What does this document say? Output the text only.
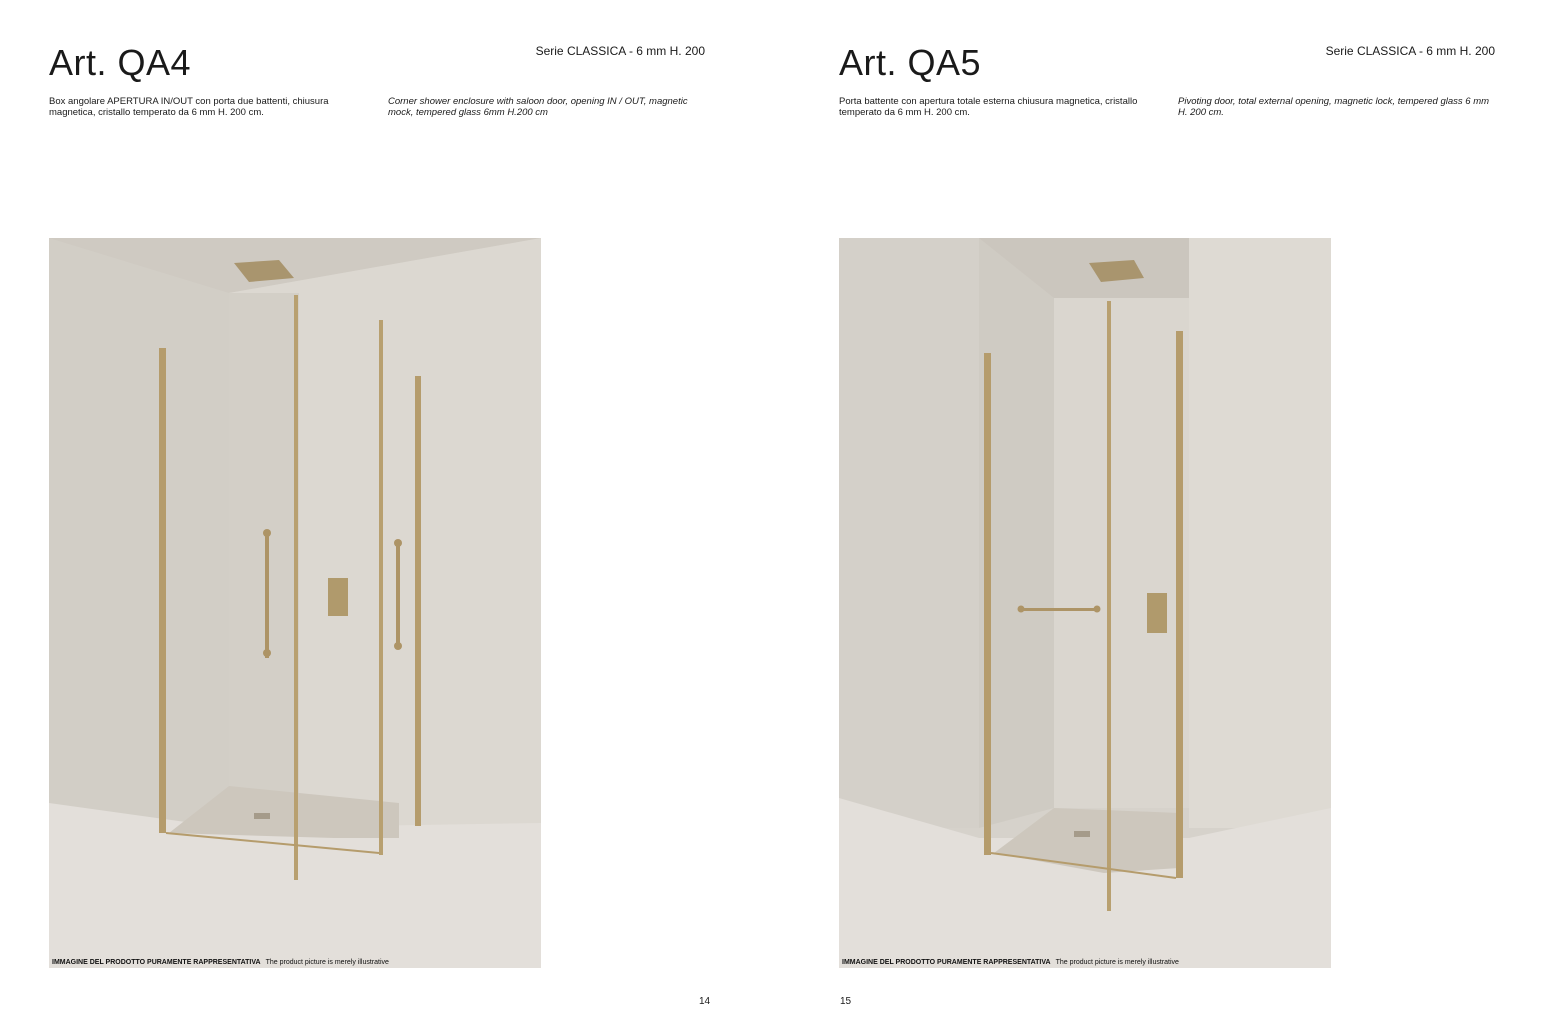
Art. QA4	Serie CLASSICA - 6 mm H. 200
Box angolare APERTURA IN/OUT con porta due battenti, chiusura magnetica, cristallo temperato da 6 mm H. 200 cm.
Corner shower enclosure with saloon door, opening IN / OUT, magnetic mock, tempered glass 6mm H.200 cm
IMMAGINE DEL PRODOTTO PURAMENTE RAPPRESENTATIVA The product picture is merely illustrative
14
Art. QA5	Serie CLASSICA - 6 mm H. 200
Porta battente con apertura totale esterna chiusura magnetica, cristallo temperato da 6 mm H. 200 cm.
Pivoting door, total external opening, magnetic lock, tempered glass 6 mm H. 200 cm.
IMMAGINE DEL PRODOTTO PURAMENTE RAPPRESENTATIVA The product picture is merely illustrative
15
